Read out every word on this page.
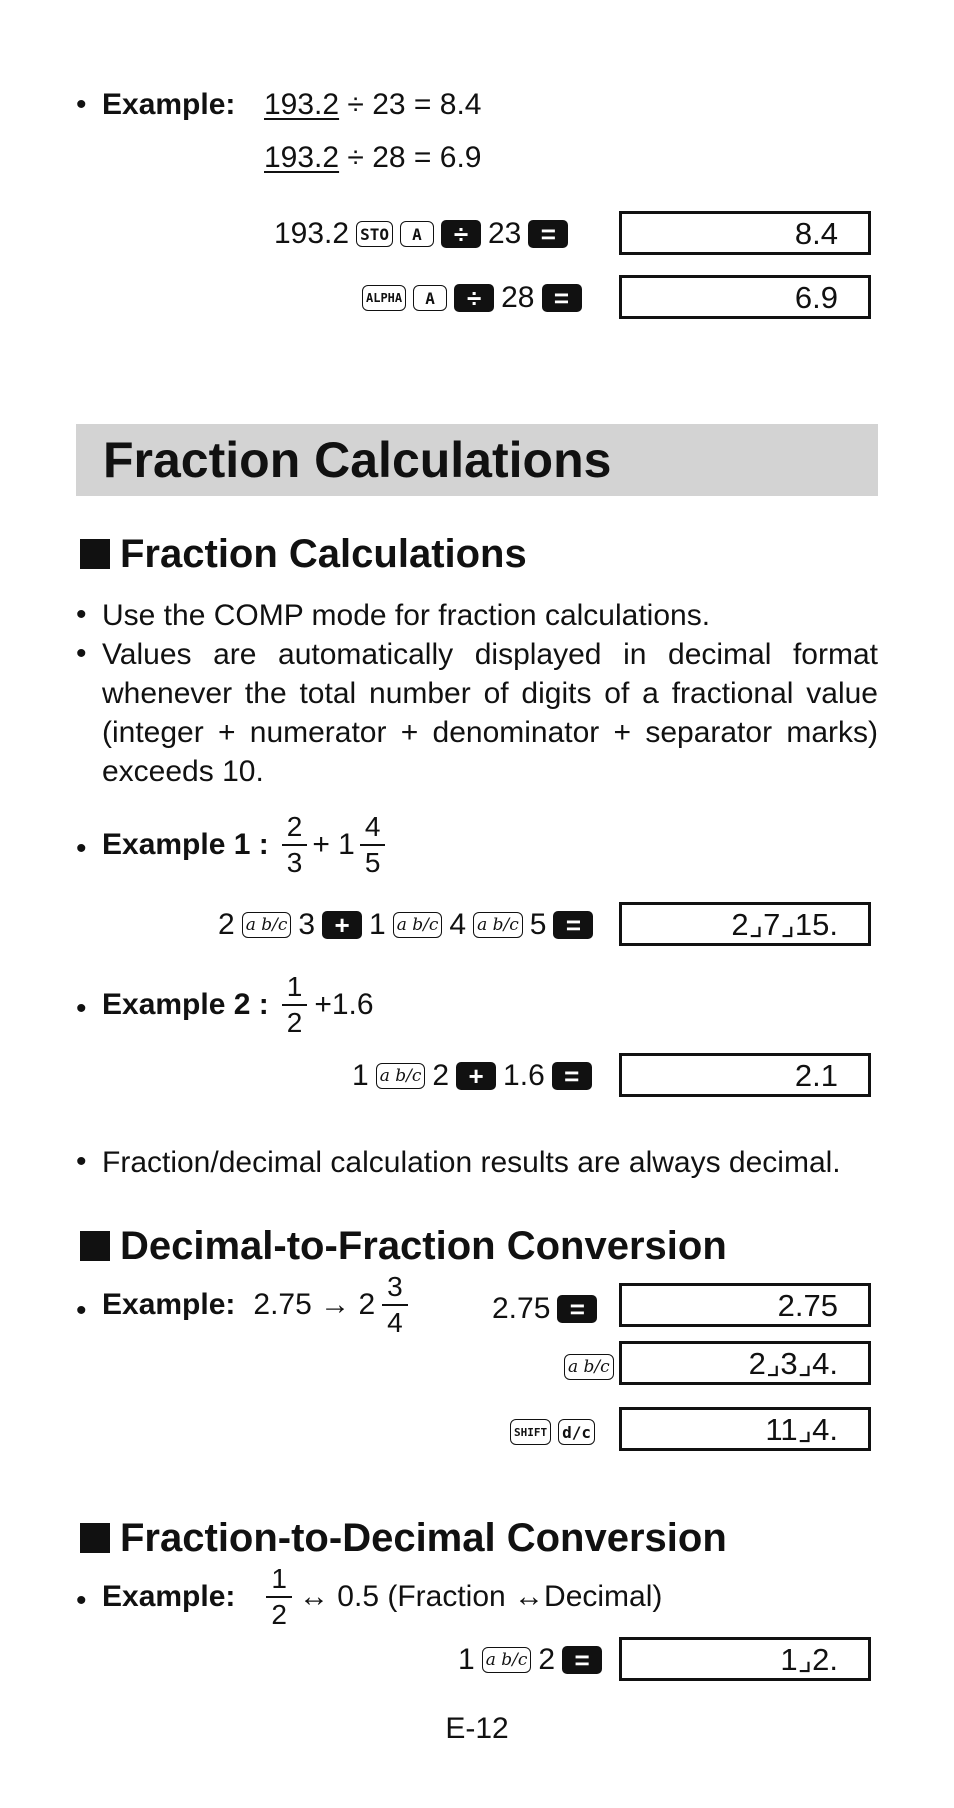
• Example: 193.2 ÷ 23 = 8.4
193.2 ÷ 28 = 6.9
193.2 STO	A	÷ 23 =	8.4
ALPHA	A	÷ 28 =	6.9
Fraction Calculations
Fraction Calculations
• Use the COMP mode for fraction calculations.
• Values are automatically displayed in decimal format whenever the total number of digits of a fractional value (integer + numerator + denominator + separator marks) exceeds 10.
• Example 1 : $\frac{2}{3} + 1 \frac{4}{5}$
2 a b/c 3 + 1 a b/c 4 a b/c 5 =	2⌟7⌟15.
• Example 2 : $\frac{1}{2} +1.6$
1 a b/c 2 + 1.6 =	2.1
• Fraction/decimal calculation results are always decimal.
Decimal-to-Fraction Conversion
• Example: $2.75 \to 2 \frac{3}{4}$	2.75 =	2.75
a b/c	2⌟3⌟4.
SHIFT d/c	11⌟4.
Fraction-to-Decimal Conversion
• Example: $\frac{1}{2}$ ↔ 0.5 (Fraction ↔Decimal)
1 a b/c 2 =	1⌟2.
E-12
